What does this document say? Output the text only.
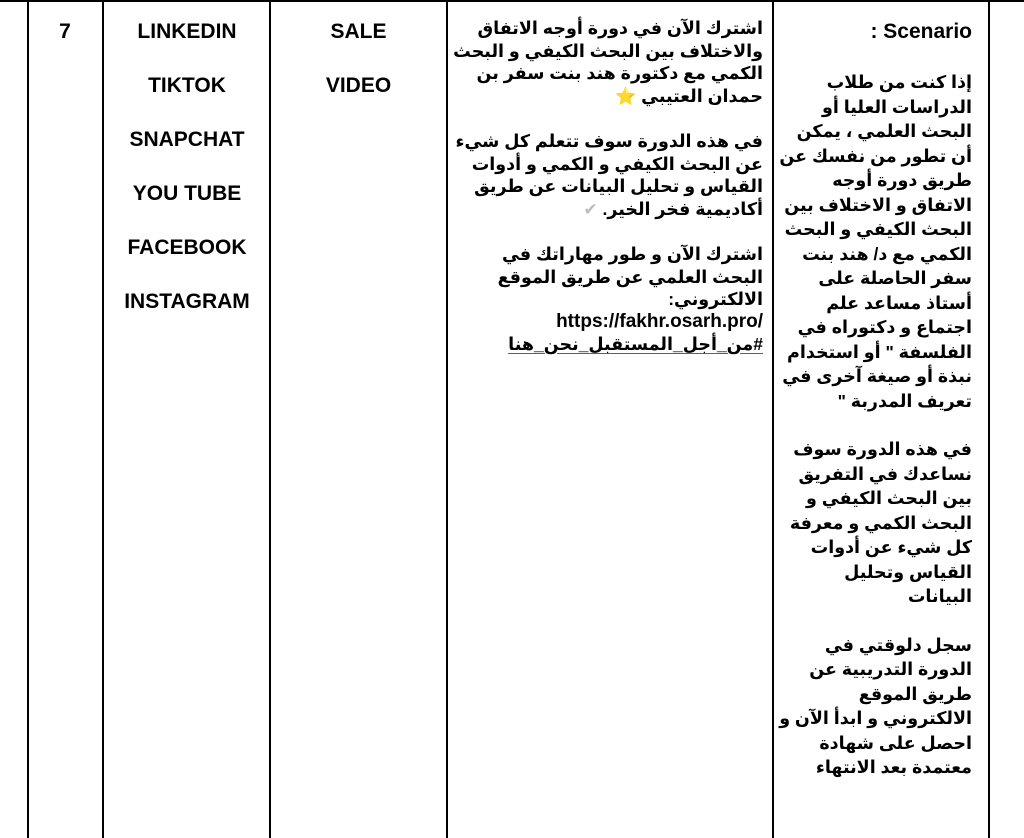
7	LINKEDIN
TIKTOK
SNAPCHAT
YOU TUBE
FACEBOOK
INSTAGRAM
SALE
VIDEO

اشترك الآن في دورة أوجه الاتفاق والاختلاف بين البحث الكيفي و البحث الكمي مع دكتورة هند بنت سفر بن حمدان العتيبي ⭐

في هذه الدورة سوف تتعلم كل شيء عن البحث الكيفي و الكمي و أدوات القياس و تحليل البيانات عن طريق أكاديمية فخر الخير. ✔

اشترك الآن و طور مهاراتك في البحث العلمي عن طريق الموقع الالكتروني:

https://fakhr.osarh.pro/

#من_أجل_المستقبل_نحن_هنا

: Scenario

إذا كنت من طلاب الدراسات العليا أو البحث العلمي ، يمكن أن تطور من نفسك عن طريق دورة أوجه الاتفاق و الاختلاف بين البحث الكيفي و البحث الكمي مع د/ هند بنت سفر الحاصلة على أستاذ مساعد علم اجتماع و دكتوراه في الفلسفة " أو استخدام نبذة أو صيغة آخرى في تعريف المدربة "

في هذه الدورة سوف نساعدك في التفريق بين البحث الكيفي و البحث الكمي و معرفة كل شيء عن أدوات القياس وتحليل البيانات

سجل دلوقتي في الدورة التدريبية عن طريق الموقع الالكتروني و ابدأ الآن و احصل على شهادة معتمدة بعد الانتهاء
